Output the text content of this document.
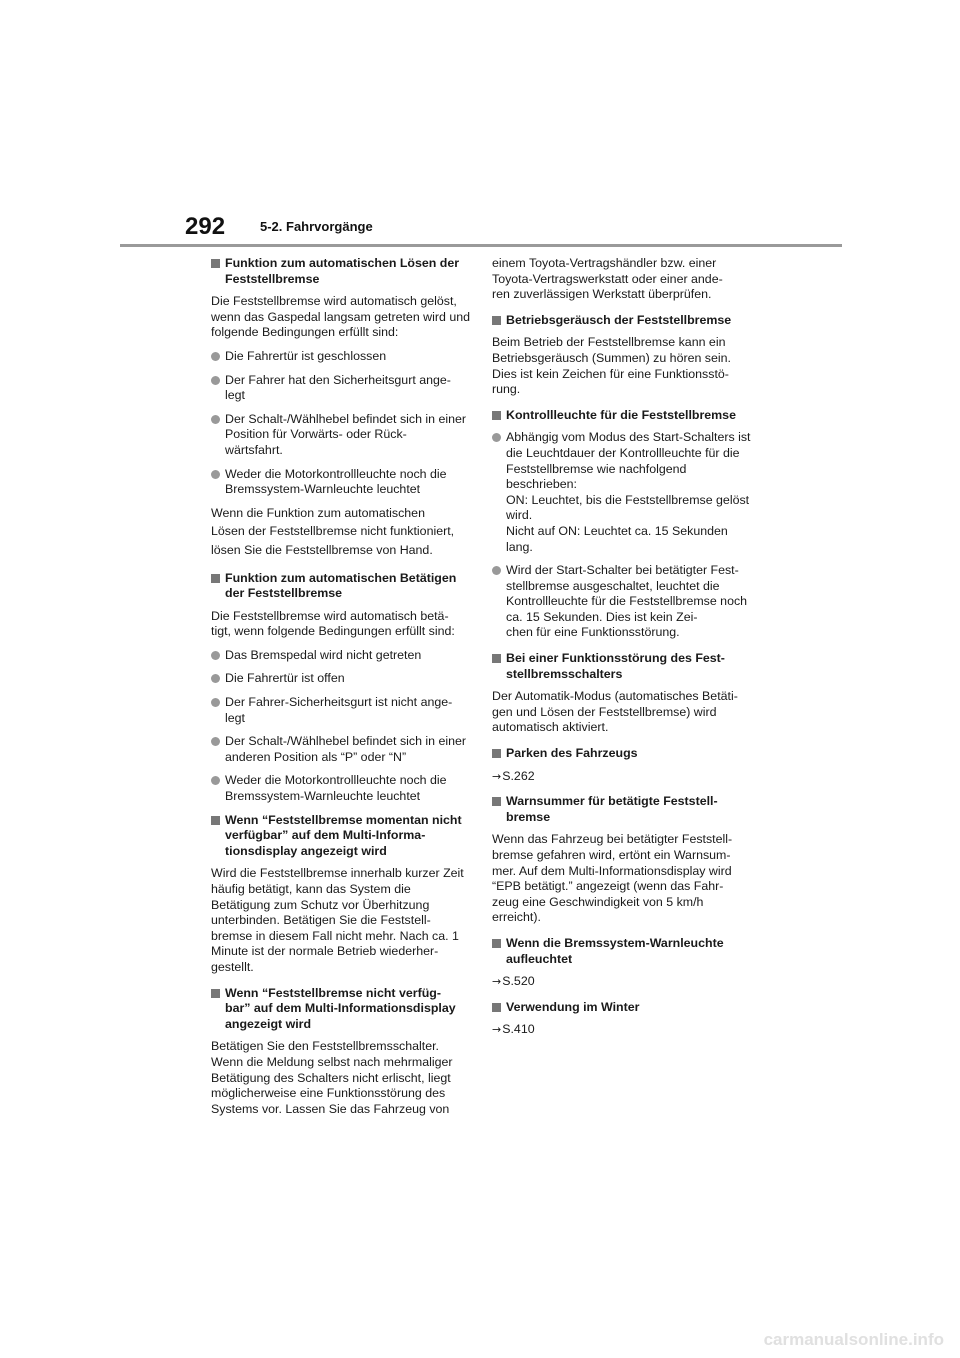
292	5-2. Fahrvorgänge
Funktion zum automatischen Lösen der Feststellbremse
Die Feststellbremse wird automatisch gelöst, wenn das Gaspedal langsam getreten wird und folgende Bedingungen erfüllt sind:
Die Fahrertür ist geschlossen
Der Fahrer hat den Sicherheitsgurt ange-
legt
Der Schalt-/Wählhebel befindet sich in einer Position für Vorwärts- oder Rück-
wärtsfahrt.
Weder die Motorkontrollleuchte noch die Bremssystem-Warnleuchte leuchtet
Wenn die Funktion zum automatischen
Lösen der Feststellbremse nicht funktioniert,
lösen Sie die Feststellbremse von Hand.
Funktion zum automatischen Betätigen der Feststellbremse
Die Feststellbremse wird automatisch betä-
tigt, wenn folgende Bedingungen erfüllt sind:
Das Bremspedal wird nicht getreten
Die Fahrertür ist offen
Der Fahrer-Sicherheitsgurt ist nicht ange-
legt
Der Schalt-/Wählhebel befindet sich in einer anderen Position als “P” oder “N”
Weder die Motorkontrollleuchte noch die Bremssystem-Warnleuchte leuchtet
Wenn “Feststellbremse momentan nicht verfügbar” auf dem Multi-Informa-
tionsdisplay angezeigt wird
Wird die Feststellbremse innerhalb kurzer Zeit häufig betätigt, kann das System die Betätigung zum Schutz vor Überhitzung unterbinden. Betätigen Sie die Feststell-
bremse in diesem Fall nicht mehr. Nach ca. 1 Minute ist der normale Betrieb wiederher-
gestellt.
Wenn “Feststellbremse nicht verfüg-
bar” auf dem Multi-Informationsdisplay angezeigt wird
Betätigen Sie den Feststellbremsschalter. Wenn die Meldung selbst nach mehrmaliger Betätigung des Schalters nicht erlischt, liegt möglicherweise eine Funktionsstörung des Systems vor. Lassen Sie das Fahrzeug von
einem Toyota-Vertragshändler bzw. einer Toyota-Vertragswerkstatt oder einer ande-
ren zuverlässigen Werkstatt überprüfen.
Betriebsgeräusch der Feststellbremse
Beim Betrieb der Feststellbremse kann ein Betriebsgeräusch (Summen) zu hören sein. Dies ist kein Zeichen für eine Funktionsstö-
rung.
Kontrollleuchte für die Feststellbremse
Abhängig vom Modus des Start-Schalters ist die Leuchtdauer der Kontrollleuchte für die Feststellbremse wie nachfolgend beschrieben:
ON: Leuchtet, bis die Feststellbremse gelöst wird.
Nicht auf ON: Leuchtet ca. 15 Sekunden lang.
Wird der Start-Schalter bei betätigter Fest-
stellbremse ausgeschaltet, leuchtet die Kontrollleuchte für die Feststellbremse noch ca. 15 Sekunden. Dies ist kein Zei-
chen für eine Funktionsstörung.
Bei einer Funktionsstörung des Fest-
stellbremsschalters
Der Automatik-Modus (automatisches Betäti-
gen und Lösen der Feststellbremse) wird automatisch aktiviert.
Parken des Fahrzeugs
→S.262
Warnsummer für betätigte Feststell-
bremse
Wenn das Fahrzeug bei betätigter Feststell-
bremse gefahren wird, ertönt ein Warnsum-
mer. Auf dem Multi-Informationsdisplay wird “EPB betätigt.” angezeigt (wenn das Fahr-
zeug eine Geschwindigkeit von 5 km/h erreicht).
Wenn die Bremssystem-Warnleuchte aufleuchtet
→S.520
Verwendung im Winter
→S.410
carmanualsonline.info
